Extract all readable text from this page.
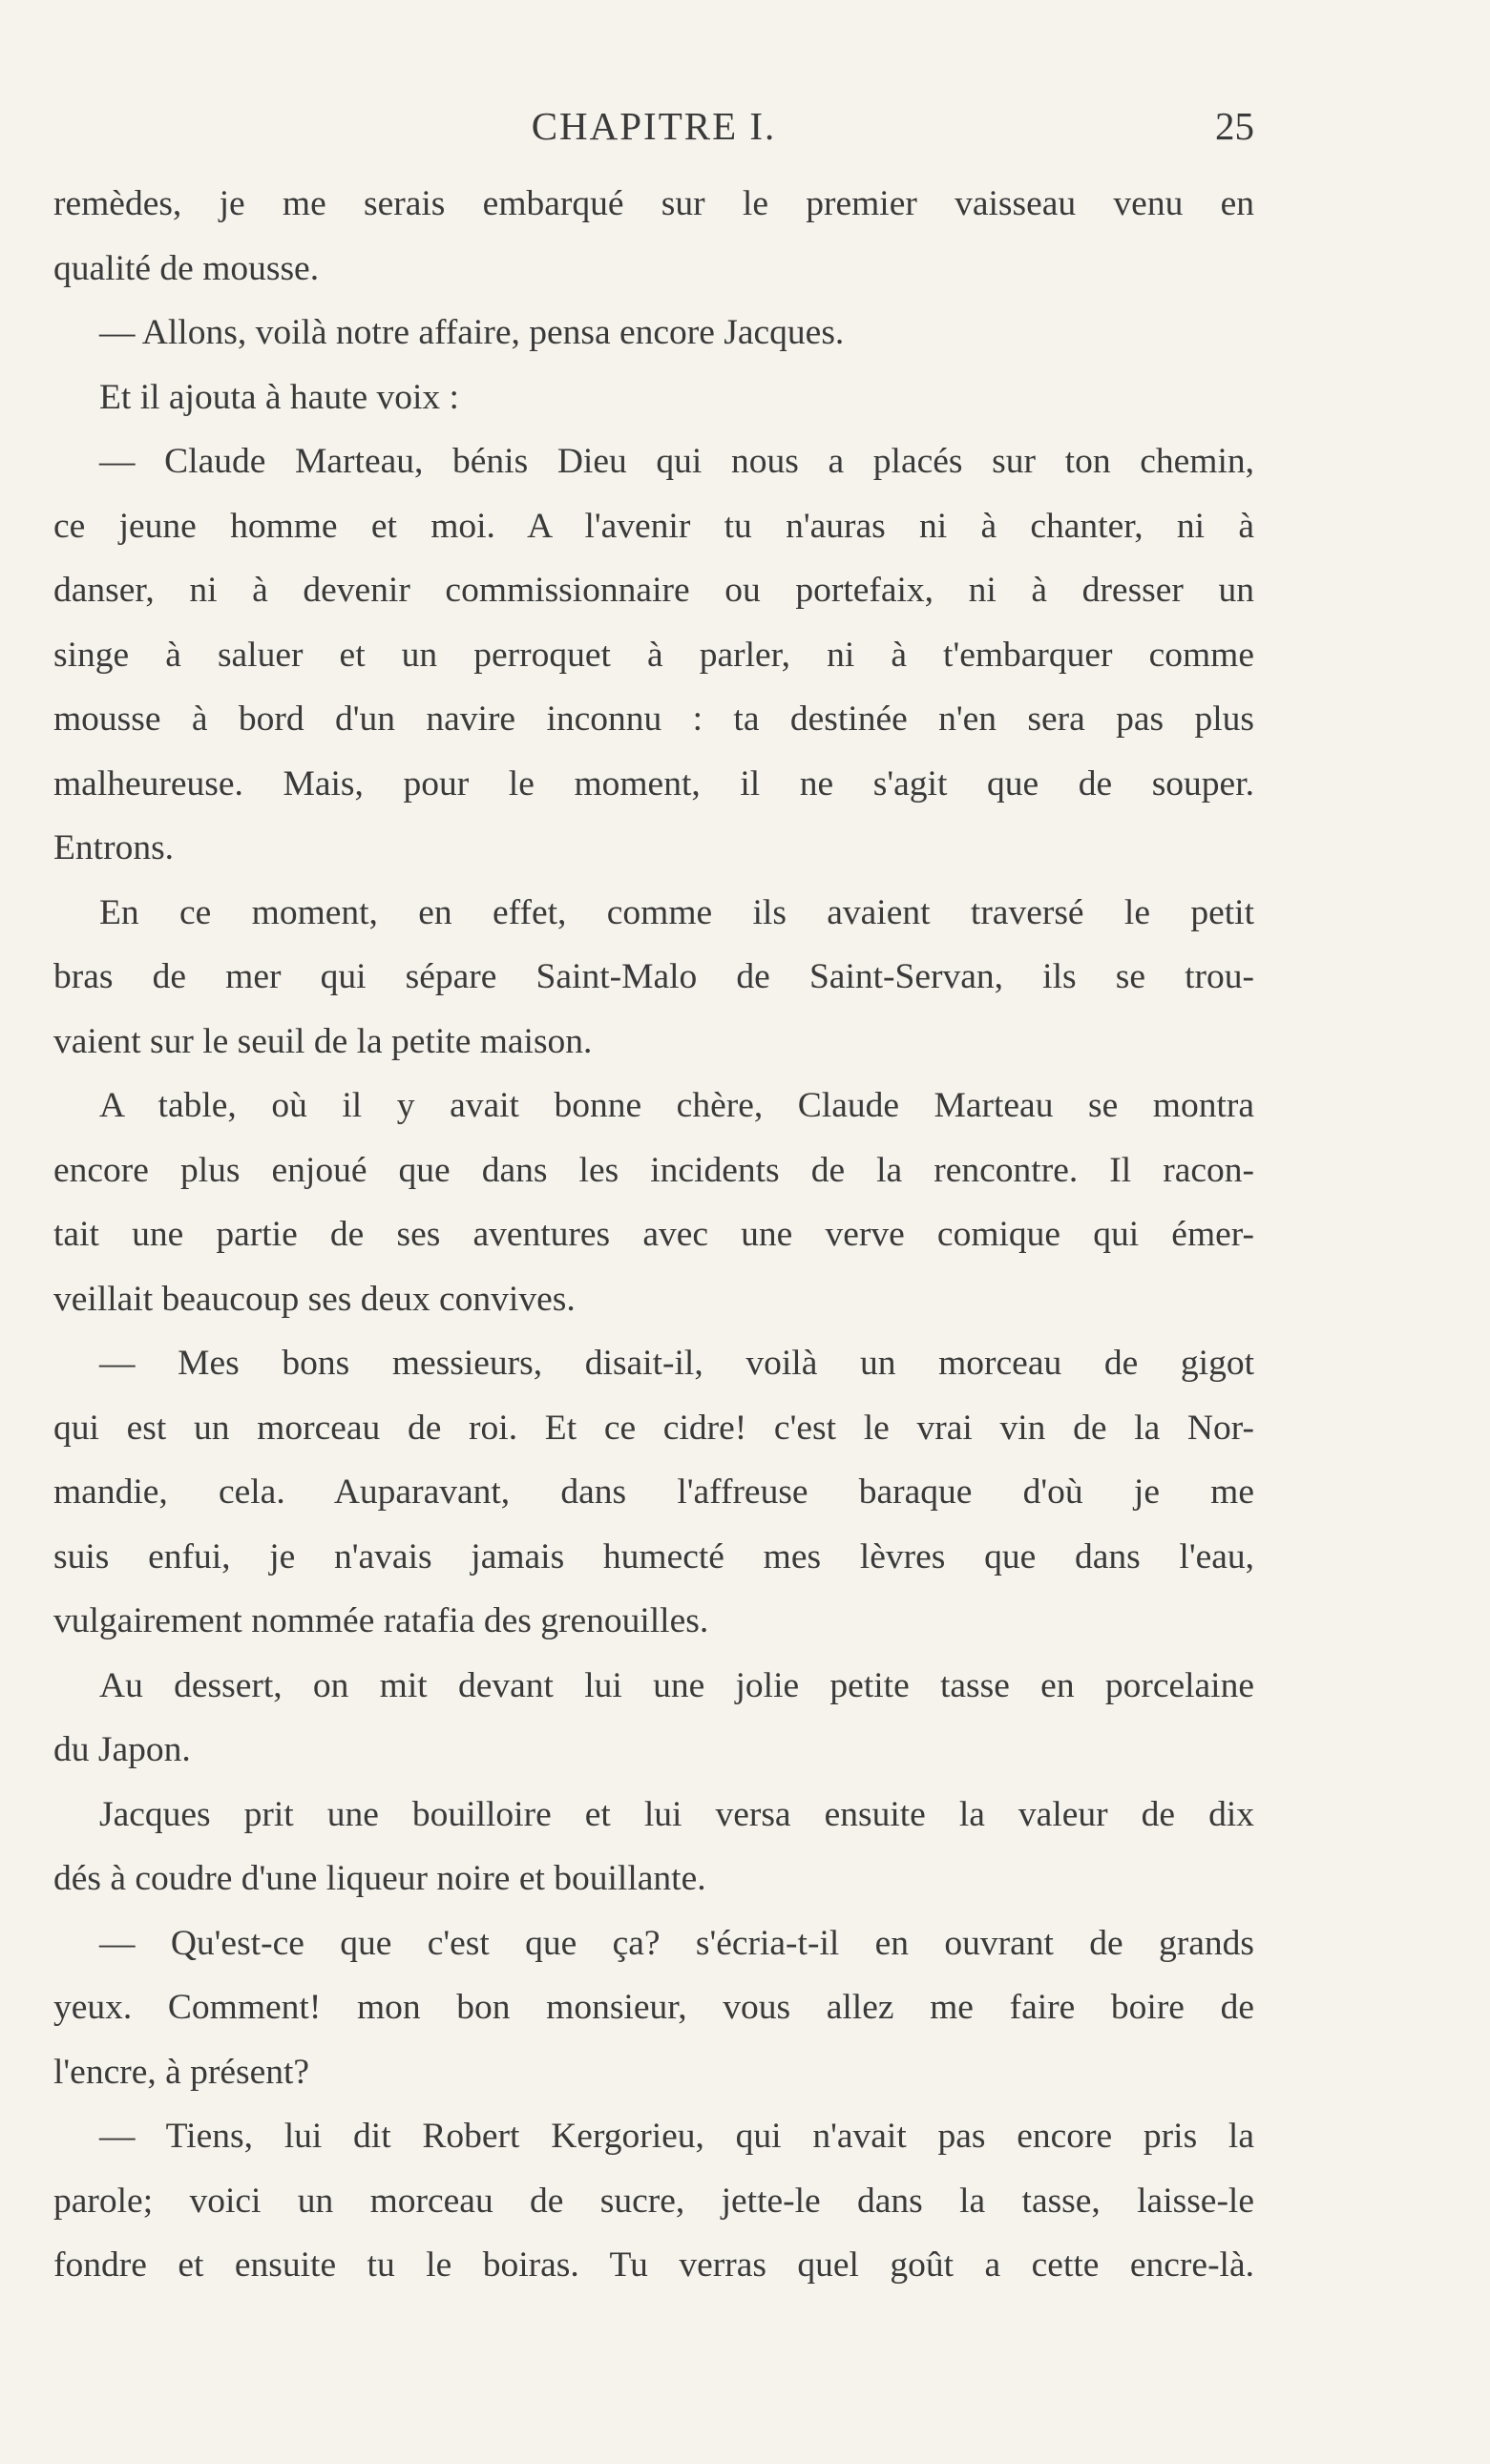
CHAPITRE I.	25
remèdes, je me serais embarqué sur le premier vaisseau venu en
qualité de mousse.
— Allons, voilà notre affaire, pensa encore Jacques.
Et il ajouta à haute voix :
— Claude Marteau, bénis Dieu qui nous a placés sur ton chemin,
ce jeune homme et moi. A l'avenir tu n'auras ni à chanter, ni à
danser, ni à devenir commissionnaire ou portefaix, ni à dresser un
singe à saluer et un perroquet à parler, ni à t'embarquer comme
mousse à bord d'un navire inconnu : ta destinée n'en sera pas plus
malheureuse. Mais, pour le moment, il ne s'agit que de souper.
Entrons.
En ce moment, en effet, comme ils avaient traversé le petit
bras de mer qui sépare Saint-Malo de Saint-Servan, ils se trou-
vaient sur le seuil de la petite maison.
A table, où il y avait bonne chère, Claude Marteau se montra
encore plus enjoué que dans les incidents de la rencontre. Il racon-
tait une partie de ses aventures avec une verve comique qui émer-
veillait beaucoup ses deux convives.
— Mes bons messieurs, disait-il, voilà un morceau de gigot
qui est un morceau de roi. Et ce cidre! c'est le vrai vin de la Nor-
mandie, cela. Auparavant, dans l'affreuse baraque d'où je me
suis enfui, je n'avais jamais humecté mes lèvres que dans l'eau,
vulgairement nommée ratafia des grenouilles.
Au dessert, on mit devant lui une jolie petite tasse en porcelaine
du Japon.
Jacques prit une bouilloire et lui versa ensuite la valeur de dix
dés à coudre d'une liqueur noire et bouillante.
— Qu'est-ce que c'est que ça? s'écria-t-il en ouvrant de grands
yeux. Comment! mon bon monsieur, vous allez me faire boire de
l'encre, à présent?
— Tiens, lui dit Robert Kergorieu, qui n'avait pas encore pris la
parole; voici un morceau de sucre, jette-le dans la tasse, laisse-le
fondre et ensuite tu le boiras. Tu verras quel goût a cette encre-là.
